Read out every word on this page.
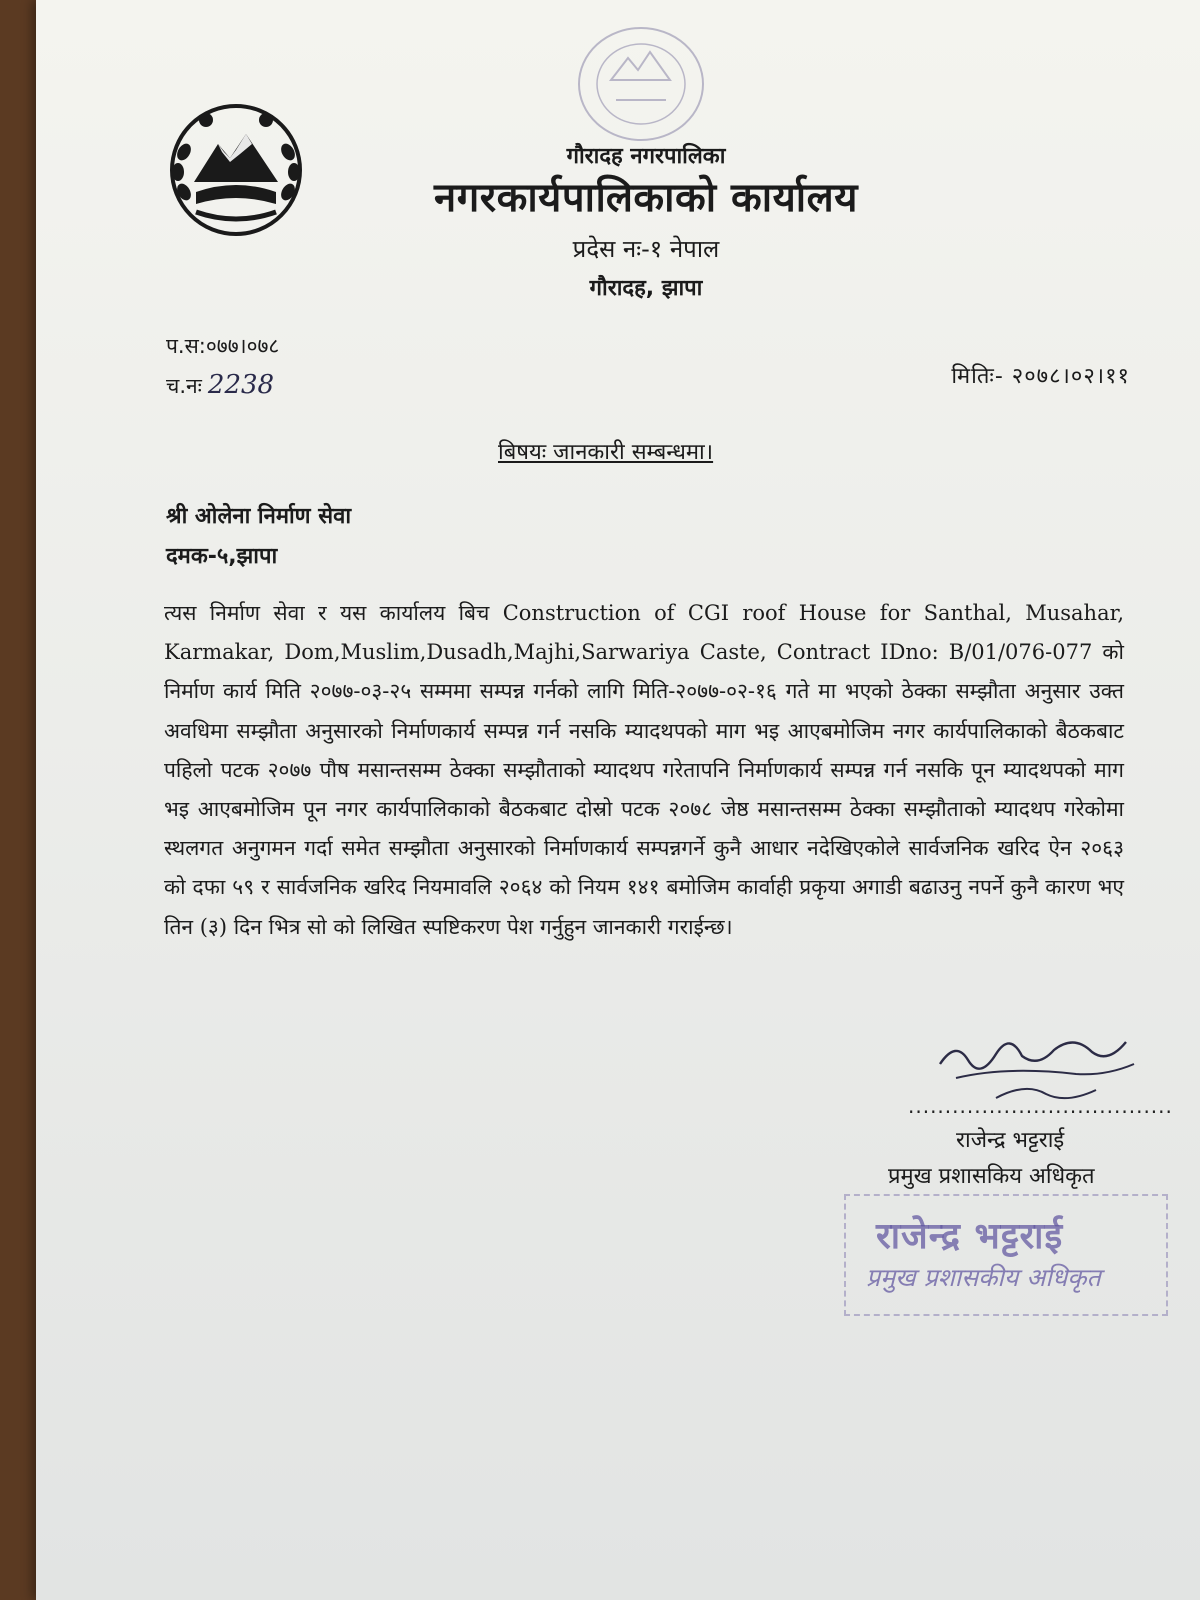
गौरादह नगरपालिका
नगरकार्यपालिकाको कार्यालय
प्रदेस नः-१ नेपाल
गौरादह, झापा
प.स:०७७।०७८
च.नः 2238	मितिः- २०७८।०२।११
बिषयः जानकारी सम्बन्धमा।
श्री ओलेना निर्माण सेवा
दमक-५,झापा
त्यस निर्माण सेवा र यस कार्यालय बिच Construction of CGI roof House for Santhal, Musahar, Karmakar, Dom,Muslim,Dusadh,Majhi,Sarwariya Caste, Contract IDno: B/01/076-077 को निर्माण कार्य मिति २०७७-०३-२५ सम्ममा सम्पन्न गर्नको लागि मिति-२०७७-०२-१६ गते मा भएको ठेक्का सम्झौता अनुसार उक्त अवधिमा सम्झौता अनुसारको निर्माणकार्य सम्पन्न गर्न नसकि म्यादथपको माग भइ आएबमोजिम नगर कार्यपालिकाको बैठकबाट पहिलो पटक २०७७ पौष मसान्तसम्म ठेक्का सम्झौताको म्यादथप गरेतापनि निर्माणकार्य सम्पन्न गर्न नसकि पून म्यादथपको माग भइ आएबमोजिम पून नगर कार्यपालिकाको बैठकबाट दोस्रो पटक २०७८ जेष्ठ मसान्तसम्म ठेक्का सम्झौताको म्यादथप गरेकोमा स्थलगत अनुगमन गर्दा समेत सम्झौता अनुसारको निर्माणकार्य सम्पन्नगर्ने कुनै आधार नदेखिएकोले सार्वजनिक खरिद ऐन २०६३ को दफा ५९ र सार्वजनिक खरिद नियमावलि २०६४ को नियम १४१ बमोजिम कार्वाही प्रकृया अगाडी बढाउनु नपर्ने कुनै कारण भए तिन (३) दिन भित्र सो को लिखित स्पष्टिकरण पेश गर्नुहुन जानकारी गराईन्छ।
....................................
राजेन्द्र भट्टराई
प्रमुख प्रशासकिय अधिकृत
राजेन्द्र भट्टराई
प्रमुख प्रशासकीय अधिकृत
